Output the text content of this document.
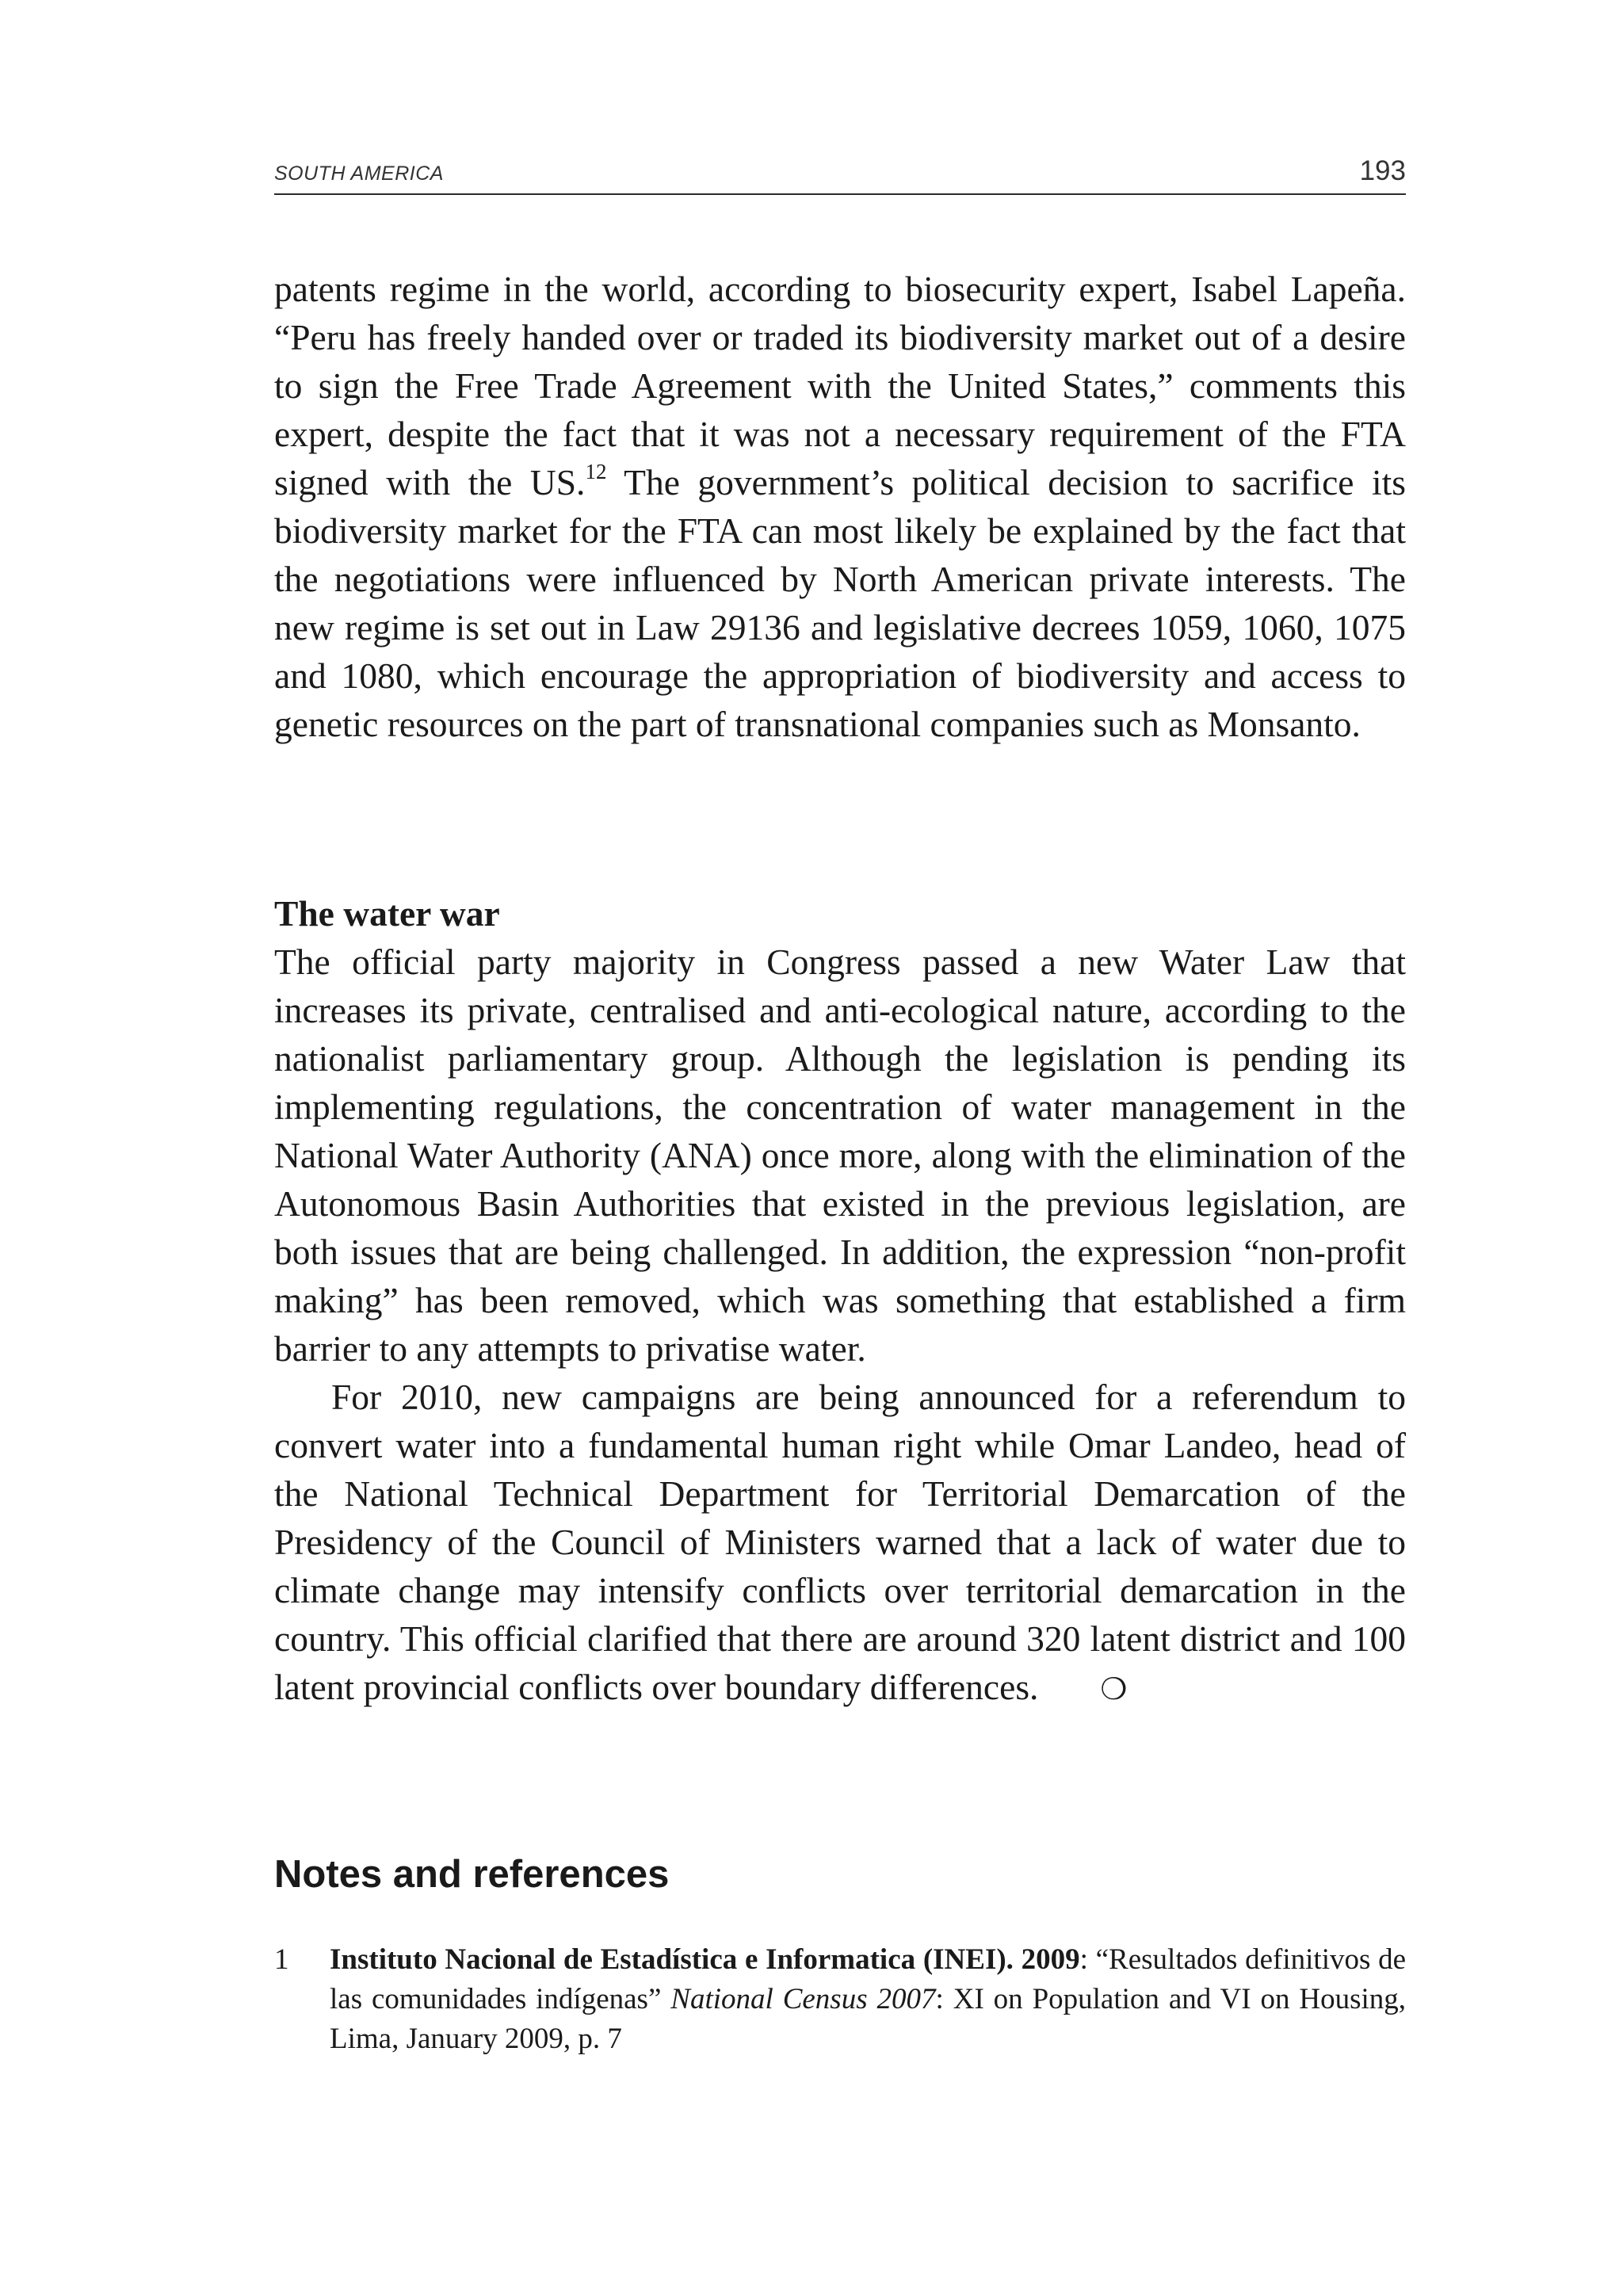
SOUTH AMERICA	193

patents regime in the world, according to biosecurity expert, Isabel Lapeña. “Peru has freely handed over or traded its biodiversity market out of a desire to sign the Free Trade Agreement with the United States,” comments this expert, despite the fact that it was not a necessary requirement of the FTA signed with the US.$^{12}$ The government’s political decision to sacrifice its biodiversity market for the FTA can most likely be explained by the fact that the negotiations were influenced by North American private interests. The new regime is set out in Law 29136 and legislative decrees 1059, 1060, 1075 and 1080, which encourage the appropriation of biodiversity and access to genetic resources on the part of transnational companies such as Monsanto.

The water war

The official party majority in Congress passed a new Water Law that increases its private, centralised and anti-ecological nature, according to the nationalist parliamentary group. Although the legislation is pending its implementing regulations, the concentration of water management in the National Water Authority (ANA) once more, along with the elimination of the Autonomous Basin Authorities that existed in the previous legislation, are both issues that are being challenged. In addition, the expression “non-profit making” has been removed, which was something that established a firm barrier to any attempts to privatise water.

For 2010, new campaigns are being announced for a referendum to convert water into a fundamental human right while Omar Landeo, head of the National Technical Department for Territorial Demarcation of the Presidency of the Council of Ministers warned that a lack of water due to climate change may intensify conflicts over territorial demarcation in the country. This official clarified that there are around 320 latent district and 100 latent provincial conflicts over boundary differences. ❍

Notes and references
1 Instituto Nacional de Estadística e Informatica (INEI). 2009: “Resultados definitivos de las comunidades indígenas” National Census 2007: XI on Population and VI on Housing, Lima, January 2009, p. 7
